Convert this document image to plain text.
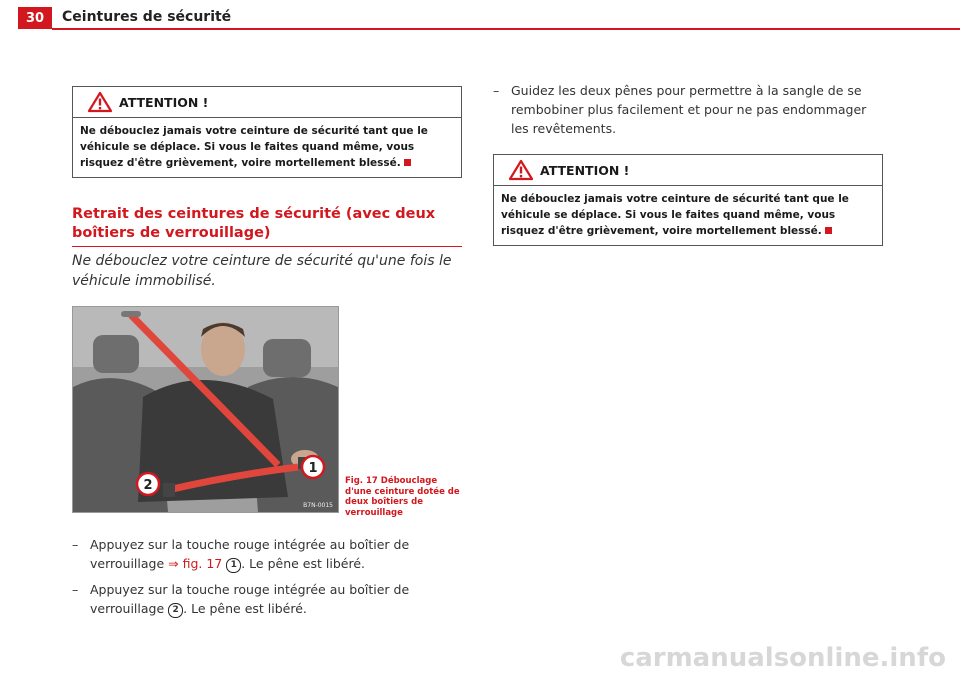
30	Ceintures de sécurité
ATTENTION !
Ne débouclez jamais votre ceinture de sécurité tant que le véhicule se déplace. Si vous le faites quand même, vous risquez d'être grièvement, voire mortellement blessé.
Retrait des ceintures de sécurité (avec deux boîtiers de verrouillage)
Ne débouclez votre ceinture de sécurité qu'une fois le véhicule immobilisé.
1
2
B7N-0015
Fig. 17 Débouclage d'une ceinture dotée de deux boîtiers de verrouillage
– Appuyez sur la touche rouge intégrée au boîtier de verrouillage ⇒ fig. 17 1 . Le pêne est libéré.
– Appuyez sur la touche rouge intégrée au boîtier de verrouillage 2 . Le pêne est libéré.
– Guidez les deux pênes pour permettre à la sangle de se rembobiner plus facilement et pour ne pas endommager les revêtements.
ATTENTION !
Ne débouclez jamais votre ceinture de sécurité tant que le véhicule se déplace. Si vous le faites quand même, vous risquez d'être grièvement, voire mortellement blessé.
carmanualsonline.info
